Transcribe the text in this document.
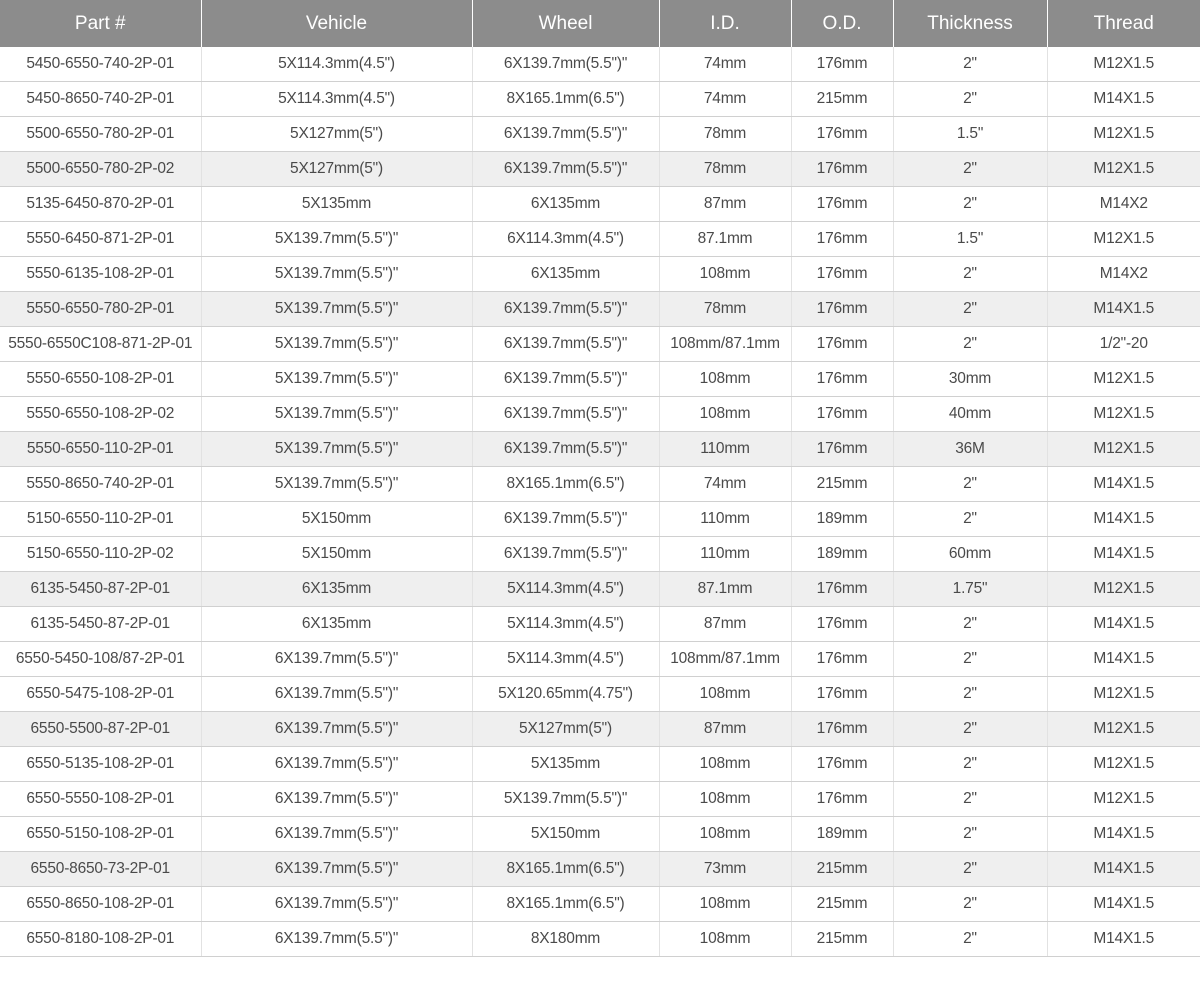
Part #	Vehicle	Wheel	I.D.	O.D.	Thickness	Thread
5450-6550-740-2P-01	5X114.3mm(4.5")	6X139.7mm(5.5")"	74mm	176mm	2"	M12X1.5
5450-8650-740-2P-01	5X114.3mm(4.5")	8X165.1mm(6.5")	74mm	215mm	2"	M14X1.5
5500-6550-780-2P-01	5X127mm(5")	6X139.7mm(5.5")"	78mm	176mm	1.5"	M12X1.5
5500-6550-780-2P-02	5X127mm(5")	6X139.7mm(5.5")"	78mm	176mm	2"	M12X1.5
5135-6450-870-2P-01	5X135mm	6X135mm	87mm	176mm	2"	M14X2
5550-6450-871-2P-01	5X139.7mm(5.5")"	6X114.3mm(4.5")	87.1mm	176mm	1.5"	M12X1.5
5550-6135-108-2P-01	5X139.7mm(5.5")"	6X135mm	108mm	176mm	2"	M14X2
5550-6550-780-2P-01	5X139.7mm(5.5")"	6X139.7mm(5.5")"	78mm	176mm	2"	M14X1.5
5550-6550C108-871-2P-01	5X139.7mm(5.5")"	6X139.7mm(5.5")"	108mm/87.1mm	176mm	2"	1/2"-20
5550-6550-108-2P-01	5X139.7mm(5.5")"	6X139.7mm(5.5")"	108mm	176mm	30mm	M12X1.5
5550-6550-108-2P-02	5X139.7mm(5.5")"	6X139.7mm(5.5")"	108mm	176mm	40mm	M12X1.5
5550-6550-110-2P-01	5X139.7mm(5.5")"	6X139.7mm(5.5")"	110mm	176mm	36M	M12X1.5
5550-8650-740-2P-01	5X139.7mm(5.5")"	8X165.1mm(6.5")	74mm	215mm	2"	M14X1.5
5150-6550-110-2P-01	5X150mm	6X139.7mm(5.5")"	110mm	189mm	2"	M14X1.5
5150-6550-110-2P-02	5X150mm	6X139.7mm(5.5")"	110mm	189mm	60mm	M14X1.5
6135-5450-87-2P-01	6X135mm	5X114.3mm(4.5")	87.1mm	176mm	1.75"	M12X1.5
6135-5450-87-2P-01	6X135mm	5X114.3mm(4.5")	87mm	176mm	2"	M14X1.5
6550-5450-108/87-2P-01	6X139.7mm(5.5")"	5X114.3mm(4.5")	108mm/87.1mm	176mm	2"	M14X1.5
6550-5475-108-2P-01	6X139.7mm(5.5")"	5X120.65mm(4.75")	108mm	176mm	2"	M12X1.5
6550-5500-87-2P-01	6X139.7mm(5.5")"	5X127mm(5")	87mm	176mm	2"	M12X1.5
6550-5135-108-2P-01	6X139.7mm(5.5")"	5X135mm	108mm	176mm	2"	M12X1.5
6550-5550-108-2P-01	6X139.7mm(5.5")"	5X139.7mm(5.5")"	108mm	176mm	2"	M12X1.5
6550-5150-108-2P-01	6X139.7mm(5.5")"	5X150mm	108mm	189mm	2"	M14X1.5
6550-8650-73-2P-01	6X139.7mm(5.5")"	8X165.1mm(6.5")	73mm	215mm	2"	M14X1.5
6550-8650-108-2P-01	6X139.7mm(5.5")"	8X165.1mm(6.5")	108mm	215mm	2"	M14X1.5
6550-8180-108-2P-01	6X139.7mm(5.5")"	8X180mm	108mm	215mm	2"	M14X1.5
